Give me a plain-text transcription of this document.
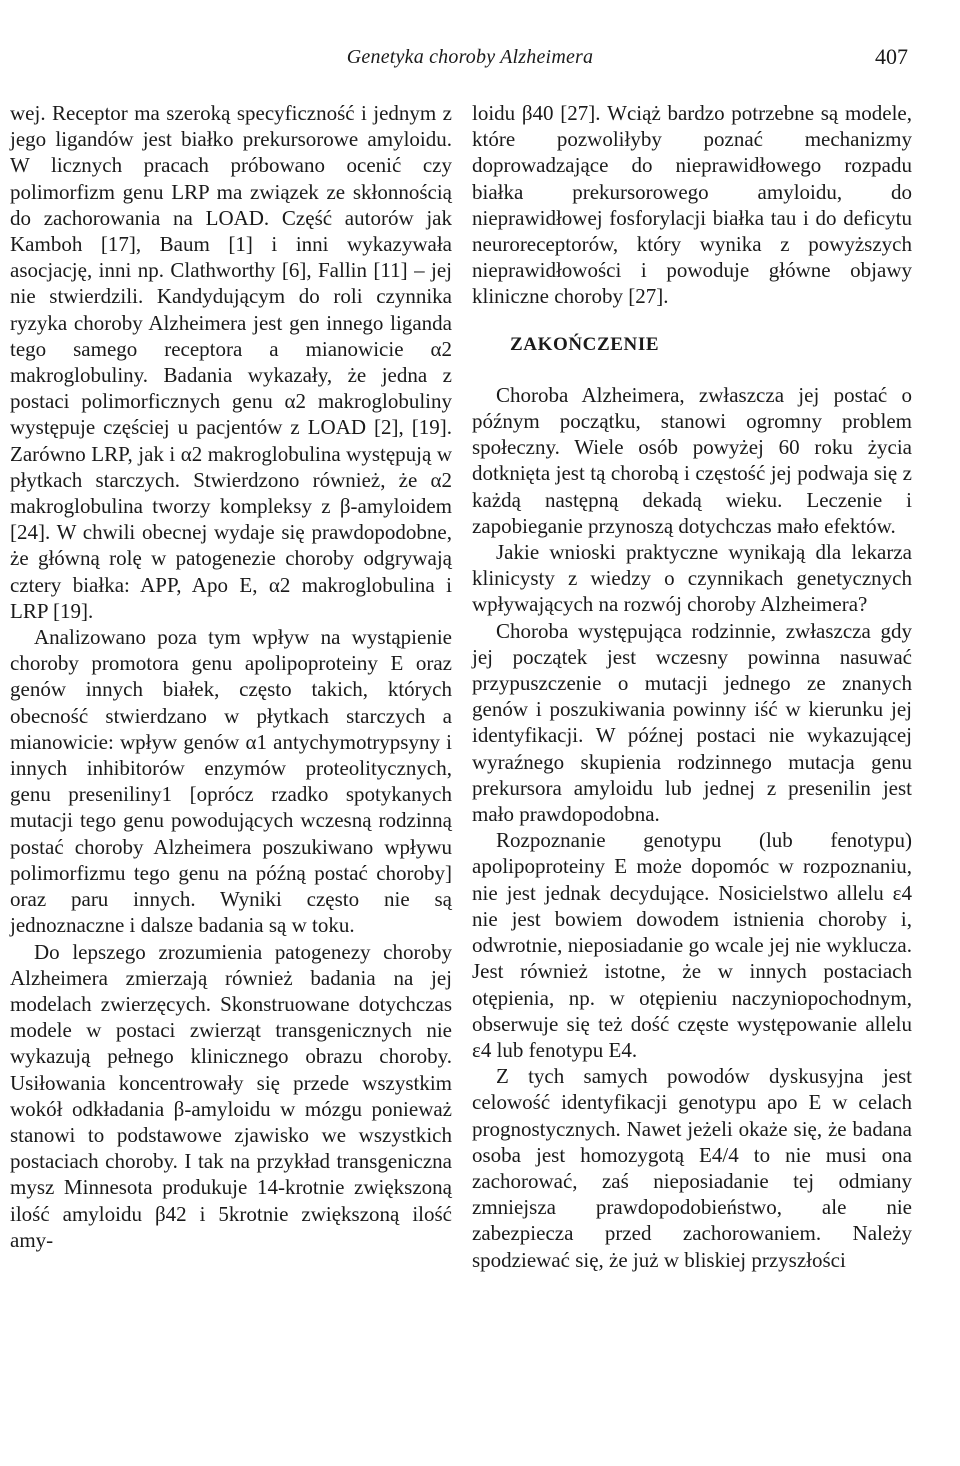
Genetyka choroby Alzheimera	407

wej. Receptor ma szeroką specyficzność i jednym z jego ligandów jest białko prekursorowe amyloidu. W licznych pracach próbowano ocenić czy polimorfizm genu LRP ma związek ze skłonnością do zachorowania na LOAD. Część autorów jak Kamboh [17], Baum [1] i inni wykazywała asocjację, inni np. Clathworthy [6], Fallin [11] – jej nie stwierdzili. Kandydującym do roli czynnika ryzyka choroby Alzheimera jest gen innego liganda tego samego receptora a mianowicie α2 makroglobuliny. Badania wykazały, że jedna z postaci polimorficznych genu α2 makroglobuliny występuje częściej u pacjentów z LOAD [2], [19]. Zarówno LRP, jak i α2 makroglobulina występują w płytkach starczych. Stwierdzono również, że α2 makroglobulina tworzy kompleksy z β-amyloidem [24]. W chwili obecnej wydaje się prawdopodobne, że główną rolę w patogenezie choroby odgrywają cztery białka: APP, Apo E, α2 makroglobulina i LRP [19].

Analizowano poza tym wpływ na wystąpienie choroby promotora genu apolipoproteiny E oraz genów innych białek, często takich, których obecność stwierdzano w płytkach starczych a mianowicie: wpływ genów α1 antychymotrypsyny i innych inhibitorów enzymów proteolitycznych, genu preseniliny1 [oprócz rzadko spotykanych mutacji tego genu powodujących wczesną rodzinną postać choroby Alzheimera poszukiwano wpływu polimorfizmu tego genu na późną postać choroby] oraz paru innych. Wyniki często nie są jednoznaczne i dalsze badania są w toku.

Do lepszego zrozumienia patogenezy choroby Alzheimera zmierzają również badania na jej modelach zwierzęcych. Skonstruowane dotychczas modele w postaci zwierząt transgenicznych nie wykazują pełnego klinicznego obrazu choroby. Usiłowania koncentrowały się przede wszystkim wokół odkładania β-amyloidu w mózgu ponieważ stanowi to podstawowe zjawisko we wszystkich postaciach choroby. I tak na przykład transgeniczna mysz Minnesota produkuje 14-krotnie zwiększoną ilość amyloidu β42 i 5krotnie zwiększoną ilość amy-

loidu β40 [27]. Wciąż bardzo potrzebne są modele, które pozwoliłyby poznać mechanizmy doprowadzające do nieprawidłowego rozpadu białka prekursorowego amyloidu, do nieprawidłowej fosforylacji białka tau i do deficytu neuroreceptorów, który wynika z powyższych nieprawidłowości i powoduje główne objawy kliniczne choroby [27].

ZAKOŃCZENIE

Choroba Alzheimera, zwłaszcza jej postać o późnym początku, stanowi ogromny problem społeczny. Wiele osób powyżej 60 roku życia dotknięta jest tą chorobą i częstość jej podwaja się z każdą następną dekadą wieku. Leczenie i zapobieganie przynoszą dotychczas mało efektów.

Jakie wnioski praktyczne wynikają dla lekarza klinicysty z wiedzy o czynnikach genetycznych wpływających na rozwój choroby Alzheimera?

Choroba występująca rodzinnie, zwłaszcza gdy jej początek jest wczesny powinna nasuwać przypuszczenie o mutacji jednego ze znanych genów i poszukiwania powinny iść w kierunku jej identyfikacji. W późnej postaci nie wykazującej wyraźnego skupienia rodzinnego mutacja genu prekursora amyloidu lub jednej z presenilin jest mało prawdopodobna.

Rozpoznanie genotypu (lub fenotypu) apolipoproteiny E może dopomóc w rozpoznaniu, nie jest jednak decydujące. Nosicielstwo allelu ε4 nie jest bowiem dowodem istnienia choroby i, odwrotnie, nieposiadanie go wcale jej nie wyklucza. Jest również istotne, że w innych postaciach otępienia, np. w otępieniu naczyniopochodnym, obserwuje się też dość częste występowanie allelu ε4 lub fenotypu E4.

Z tych samych powodów dyskusyjna jest celowość identyfikacji genotypu apo E w celach prognostycznych. Nawet jeżeli okaże się, że badana osoba jest homozygotą E4/4 to nie musi ona zachorować, zaś nieposiadanie tej odmiany zmniejsza prawdopodobieństwo, ale nie zabezpiecza przed zachorowaniem. Należy spodziewać się, że już w bliskiej przyszłości
